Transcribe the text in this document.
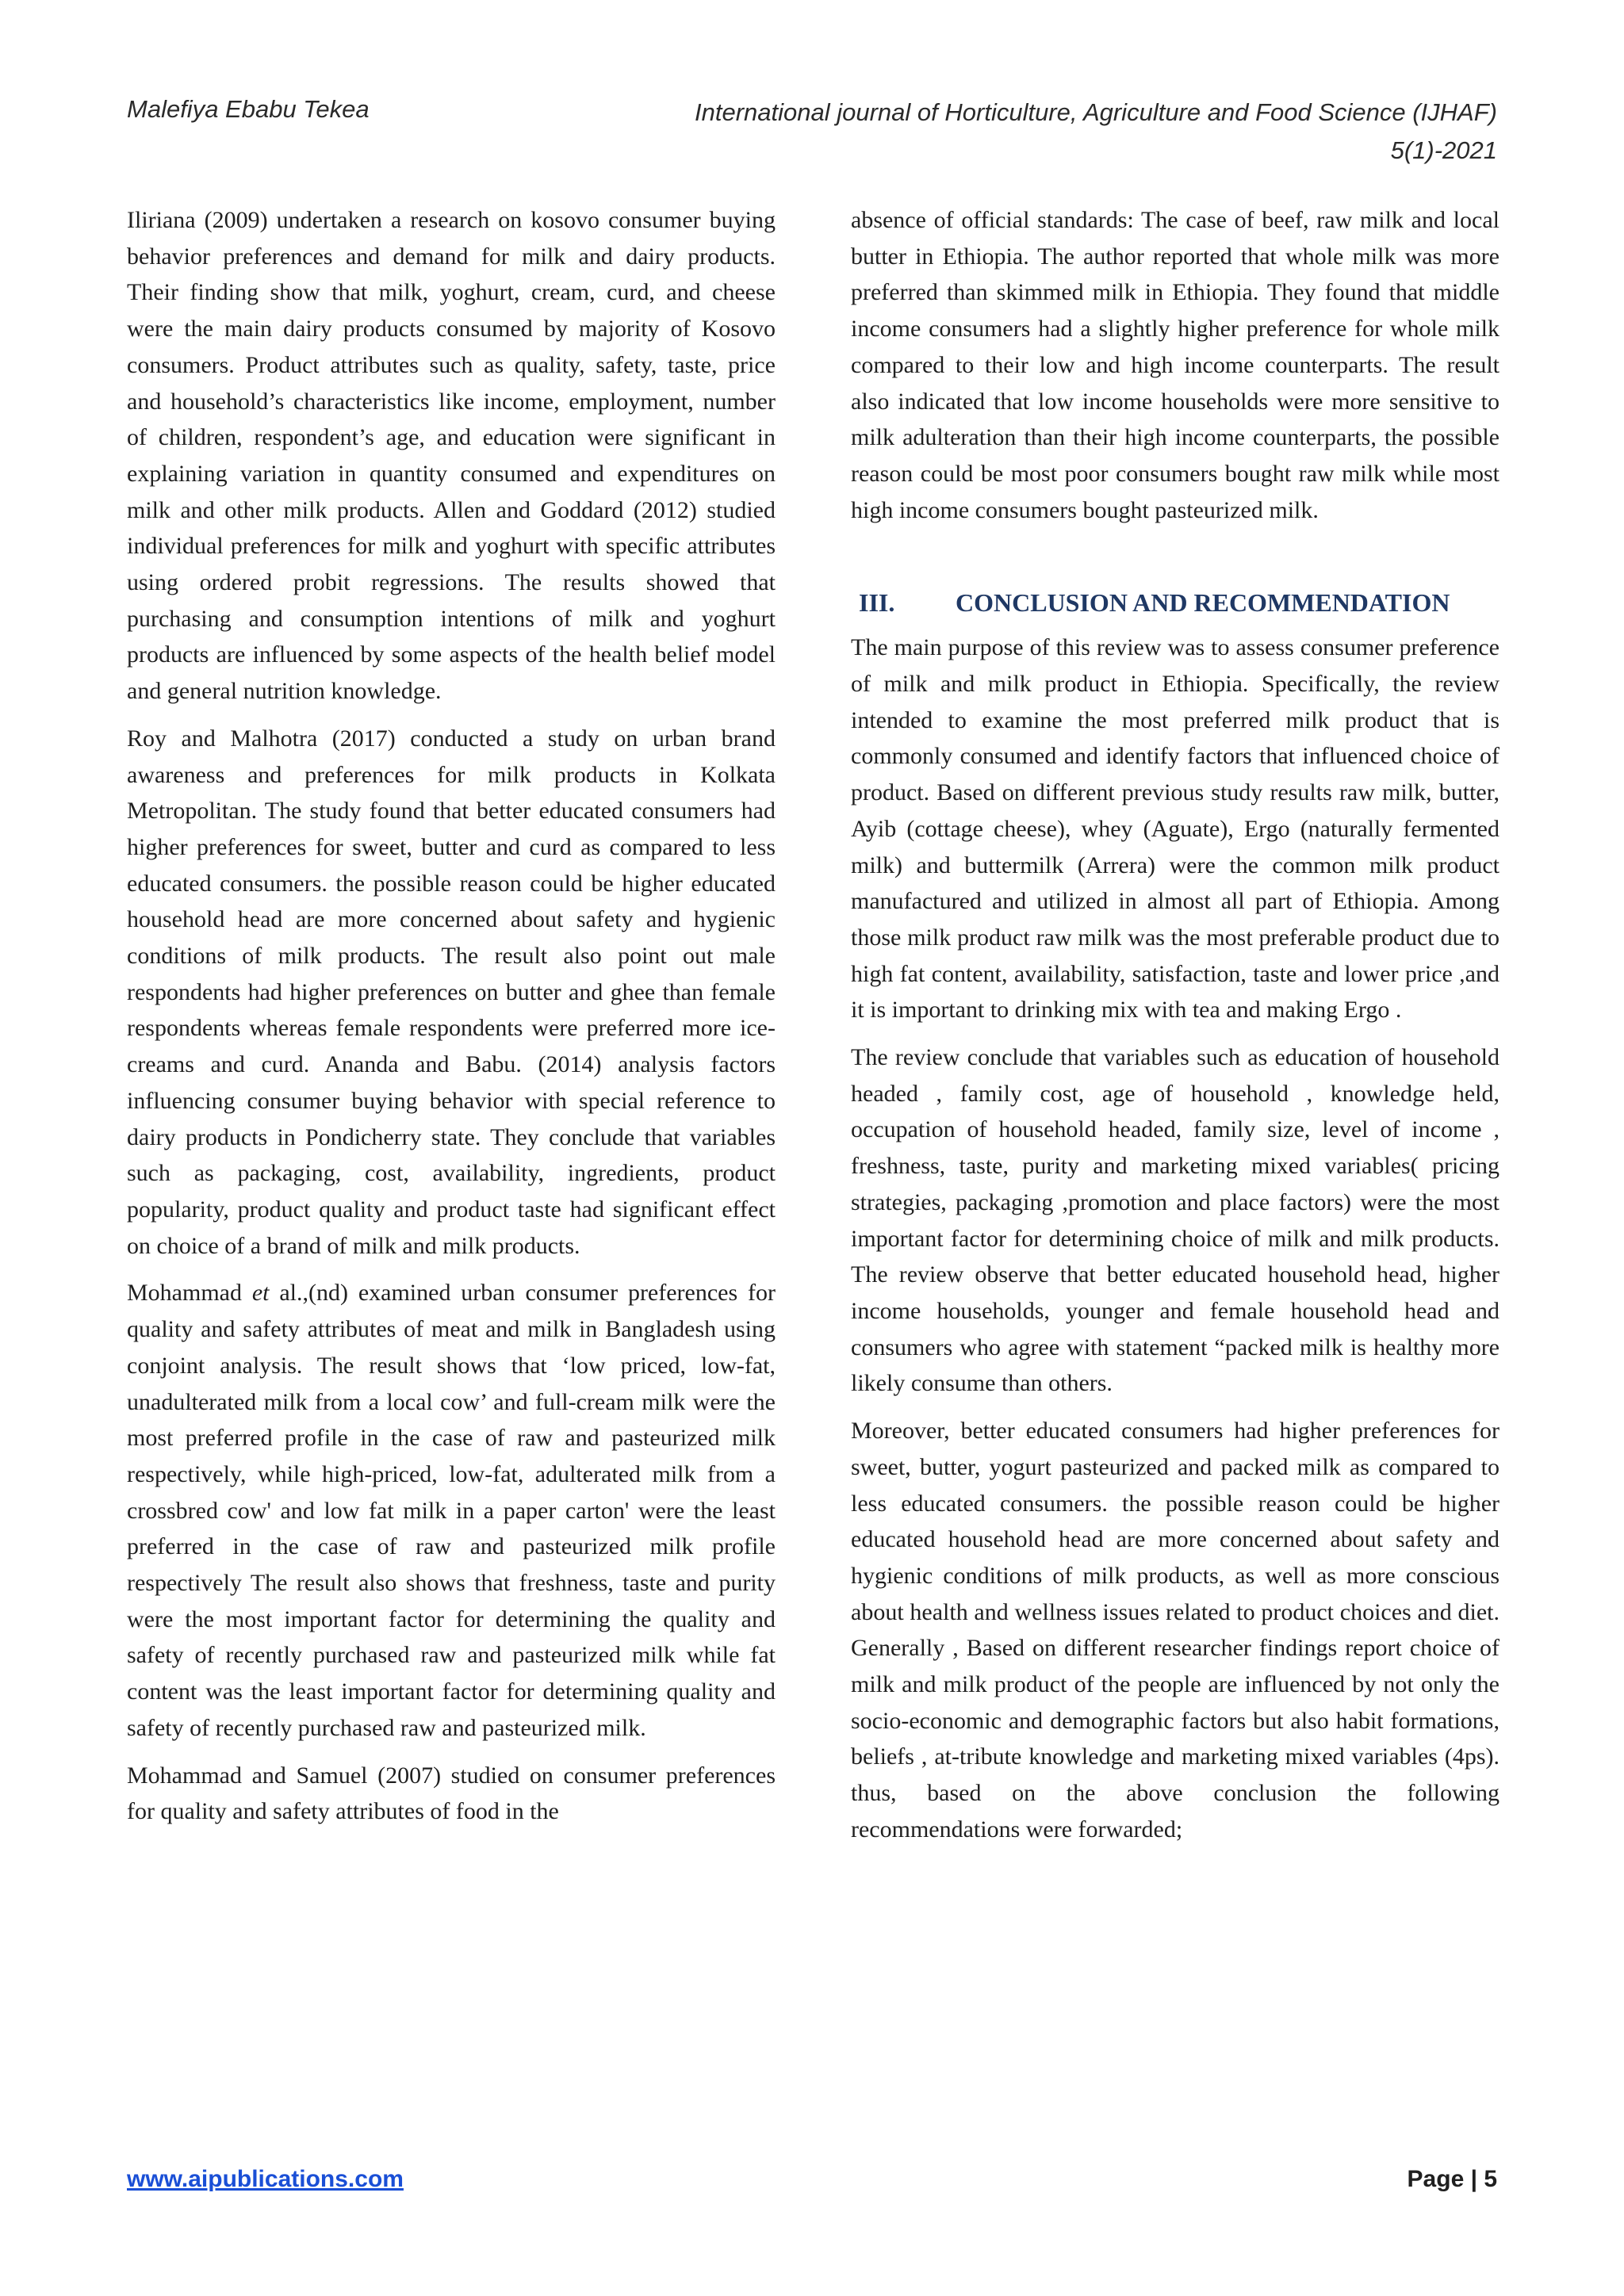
Malefiya Ebabu Tekea	International journal of Horticulture, Agriculture and Food Science (IJHAF)
5(1)-2021

Iliriana (2009) undertaken a research on kosovo consumer buying behavior preferences and demand for milk and dairy products. Their finding show that milk, yoghurt, cream, curd, and cheese were the main dairy products consumed by majority of Kosovo consumers. Product attributes such as quality, safety, taste, price and household’s characteristics like income, employment, number of children, respondent’s age, and education were significant in explaining variation in quantity consumed and expenditures on milk and other milk products. Allen and Goddard (2012) studied individual preferences for milk and yoghurt with specific attributes using ordered probit regressions. The results showed that purchasing and consumption intentions of milk and yoghurt products are influenced by some aspects of the health belief model and general nutrition knowledge.

Roy and Malhotra (2017) conducted a study on urban brand awareness and preferences for milk products in Kolkata Metropolitan. The study found that better educated consumers had higher preferences for sweet, butter and curd as compared to less educated consumers. the possible reason could be higher educated household head are more concerned about safety and hygienic conditions of milk products. The result also point out male respondents had higher preferences on butter and ghee than female respondents whereas female respondents were preferred more ice-creams and curd. Ananda and Babu. (2014) analysis factors influencing consumer buying behavior with special reference to dairy products in Pondicherry state. They conclude that variables such as packaging, cost, availability, ingredients, product popularity, product quality and product taste had significant effect on choice of a brand of milk and milk products.

Mohammad et al.,(nd) examined urban consumer preferences for quality and safety attributes of meat and milk in Bangladesh using conjoint analysis. The result shows that ‘low priced, low-fat, unadulterated milk from a local cow’ and full-cream milk were the most preferred profile in the case of raw and pasteurized milk respectively, while high-priced, low-fat, adulterated milk from a crossbred cow' and low fat milk in a paper carton' were the least preferred in the case of raw and pasteurized milk profile respectively The result also shows that freshness, taste and purity were the most important factor for determining the quality and safety of recently purchased raw and pasteurized milk while fat content was the least important factor for determining quality and safety of recently purchased raw and pasteurized milk.

Mohammad and Samuel (2007) studied on consumer preferences for quality and safety attributes of food in the

absence of official standards: The case of beef, raw milk and local butter in Ethiopia. The author reported that whole milk was more preferred than skimmed milk in Ethiopia. They found that middle income consumers had a slightly higher preference for whole milk compared to their low and high income counterparts. The result also indicated that low income households were more sensitive to milk adulteration than their high income counterparts, the possible reason could be most poor consumers bought raw milk while most high income consumers bought pasteurized milk.

III.	CONCLUSION AND RECOMMENDATION

The main purpose of this review was to assess consumer preference of milk and milk product in Ethiopia. Specifically, the review intended to examine the most preferred milk product that is commonly consumed and identify factors that influenced choice of product. Based on different previous study results raw milk, butter, Ayib (cottage cheese), whey (Aguate), Ergo (naturally fermented milk) and buttermilk (Arrera) were the common milk product manufactured and utilized in almost all part of Ethiopia. Among those milk product raw milk was the most preferable product due to high fat content, availability, satisfaction, taste and lower price ,and it is important to drinking mix with tea and making Ergo .

The review conclude that variables such as education of household headed , family cost, age of household , knowledge held, occupation of household headed, family size, level of income , freshness, taste, purity and marketing mixed variables( pricing strategies, packaging ,promotion and place factors) were the most important factor for determining choice of milk and milk products. The review observe that better educated household head, higher income households, younger and female household head and consumers who agree with statement “packed milk is healthy more likely consume than others.

Moreover, better educated consumers had higher preferences for sweet, butter, yogurt pasteurized and packed milk as compared to less educated consumers. the possible reason could be higher educated household head are more concerned about safety and hygienic conditions of milk products, as well as more conscious about health and wellness issues related to product choices and diet. Generally , Based on different researcher findings report choice of milk and milk product of the people are influenced by not only the socio-economic and demographic factors but also habit formations, beliefs , at-tribute knowledge and marketing mixed variables (4ps). thus, based on the above conclusion the following recommendations were forwarded;

www.aipublications.com	Page | 5
